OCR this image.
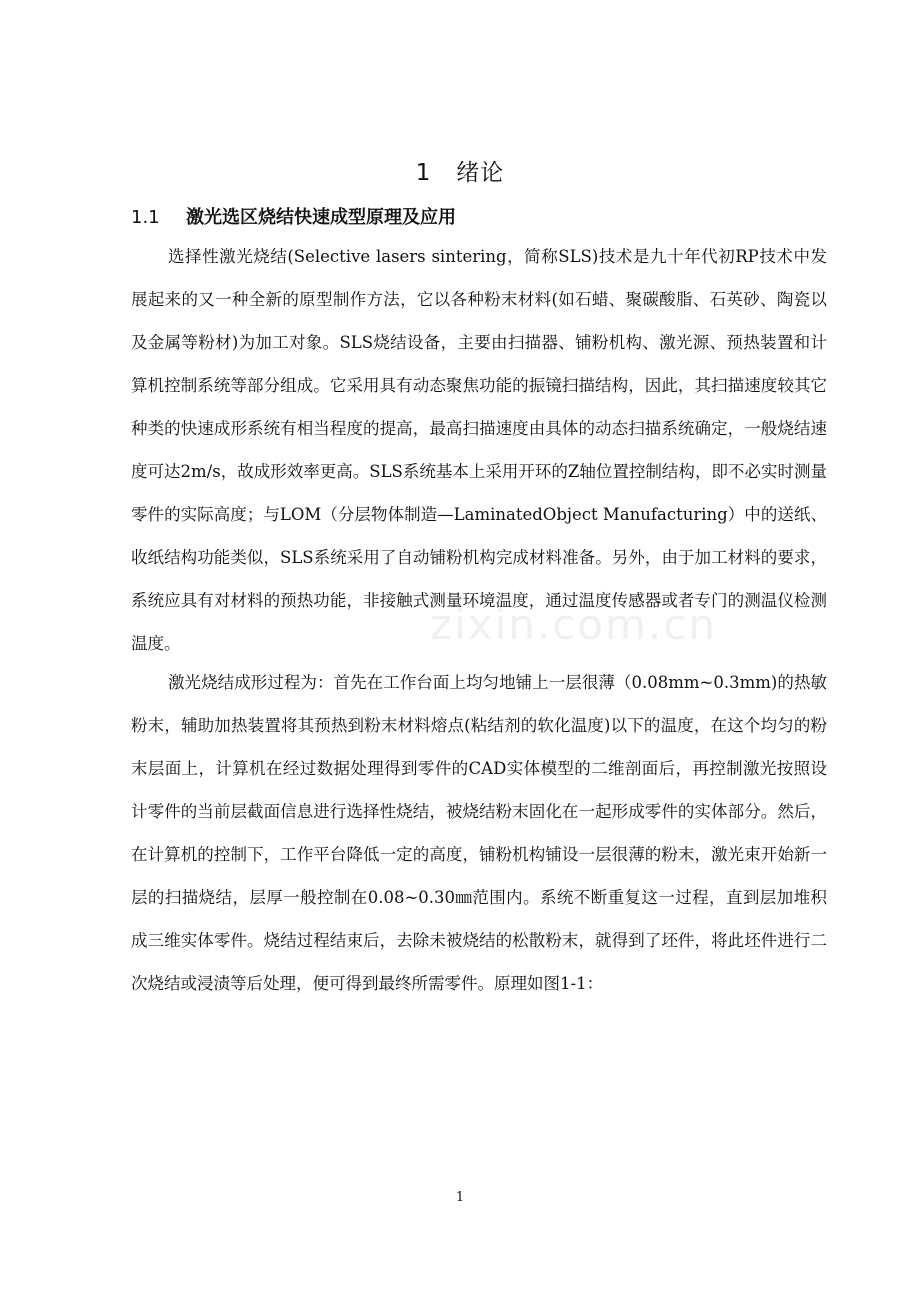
1   绪论
1.1 激光选区烧结快速成型原理及应用

选择性激光烧结(Selective lasers sintering，简称SLS)技术是九十年代初RP技术中发展起来的又一种全新的原型制作方法，它以各种粉末材料(如石蜡、聚碳酸脂、石英砂、陶瓷以及金属等粉材)为加工对象。SLS烧结设备，主要由扫描器、铺粉机构、激光源、预热装置和计算机控制系统等部分组成。它采用具有动态聚焦功能的振镜扫描结构，因此，其扫描速度较其它种类的快速成形系统有相当程度的提高，最高扫描速度由具体的动态扫描系统确定，一般烧结速度可达2m/s，故成形效率更高。SLS系统基本上采用开环的Z轴位置控制结构，即不必实时测量零件的实际高度；与LOM（分层物体制造—LaminatedObject Manufacturing）中的送纸、收纸结构功能类似，SLS系统采用了自动铺粉机构完成材料准备。另外，由于加工材料的要求，系统应具有对材料的预热功能，非接触式测量环境温度，通过温度传感器或者专门的测温仪检测温度。

激光烧结成形过程为：首先在工作台面上均匀地铺上一层很薄（0.08mm~0.3mm)的热敏粉末，辅助加热装置将其预热到粉末材料熔点(粘结剂的软化温度)以下的温度，在这个均匀的粉末层面上，计算机在经过数据处理得到零件的CAD实体模型的二维剖面后，再控制激光按照设计零件的当前层截面信息进行选择性烧结，被烧结粉末固化在一起形成零件的实体部分。然后，在计算机的控制下，工作平台降低一定的高度，铺粉机构铺设一层很薄的粉末，激光束开始新一层的扫描烧结，层厚一般控制在0.08~0.30㎜范围内。系统不断重复这一过程，直到层加堆积成三维实体零件。烧结过程结束后，去除未被烧结的松散粉末，就得到了坯件，将此坯件进行二次烧结或浸渍等后处理，便可得到最终所需零件。原理如图1-1：

zixin.com.cn
1
